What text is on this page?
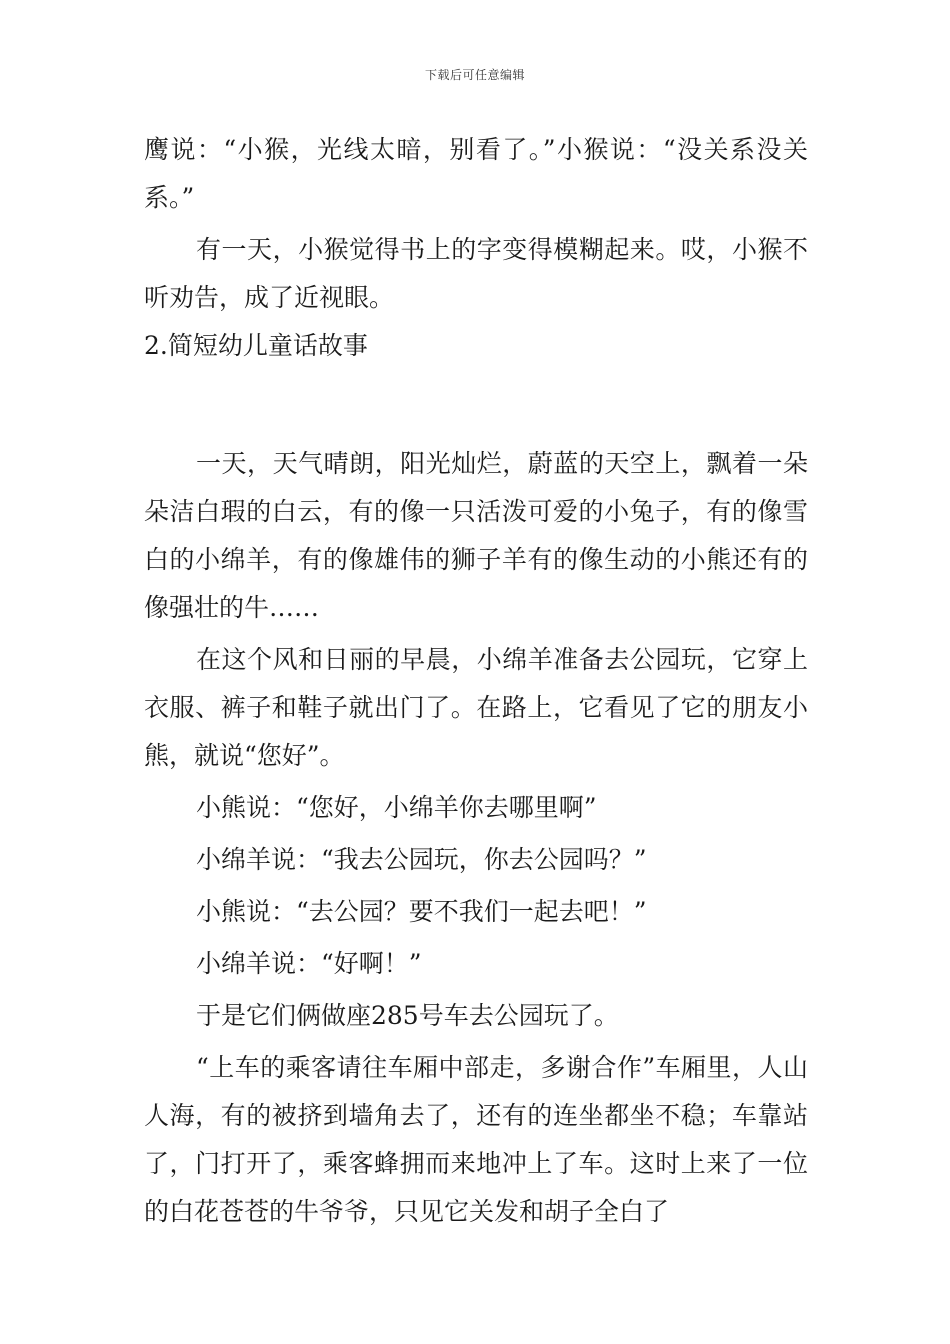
下载后可任意编辑

鹰说：“小猴，光线太暗，别看了。”小猴说：“没关系没关系。”

有一天，小猴觉得书上的字变得模糊起来。哎，小猴不听劝告，成了近视眼。

2.简短幼儿童话故事

一天，天气晴朗，阳光灿烂，蔚蓝的天空上，飘着一朵朵洁白瑕的白云，有的像一只活泼可爱的小兔子，有的像雪白的小绵羊，有的像雄伟的狮子羊有的像生动的小熊还有的像强壮的牛……

在这个风和日丽的早晨，小绵羊准备去公园玩，它穿上衣服、裤子和鞋子就出门了。在路上，它看见了它的朋友小熊，就说“您好”。

小熊说：“您好，小绵羊你去哪里啊”

小绵羊说：“我去公园玩，你去公园吗？”

小熊说：“去公园？要不我们一起去吧！”

小绵羊说：“好啊！”

于是它们俩做座285号车去公园玩了。

“上车的乘客请往车厢中部走，多谢合作”车厢里，人山人海，有的被挤到墙角去了，还有的连坐都坐不稳；车靠站了，门打开了，乘客蜂拥而来地冲上了车。这时上来了一位的白花苍苍的牛爷爷，只见它关发和胡子全白了
